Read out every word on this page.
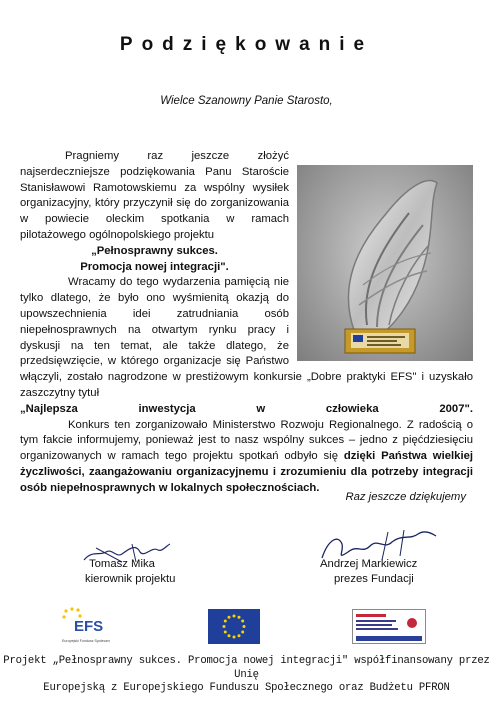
Podziękowanie
Wielce Szanowny Panie Starosto,

Pragniemy raz jeszcze złożyć najserdeczniejsze podziękowania Panu Staroście Stanisławowi Ramotowskiemu za wspólny wysiłek organizacyjny, który przyczynił się do zorganizowania w powiecie oleckim spotkania w ramach pilotażowego ogólnopolskiego projektu

„Pełnosprawny sukces.

Promocja nowej integracji".

Wracamy do tego wydarzenia pamięcią nie tylko dlatego, że było ono wyśmienitą okazją do upowszechnienia idei zatrudniania osób niepełnosprawnych na otwartym rynku pracy i dyskusji na ten temat, ale także dlatego, że przedsięwzięcie, w którego organizacje się Państwo włączyli, zostało nagrodzone w prestiżowym konkursie „Dobre praktyki EFS" i uzyskało zaszczytny tytuł

„Najlepsza inwestycja w człowieka 2007".

Konkurs ten zorganizowało Ministerstwo Rozwoju Regionalnego. Z radością o tym fakcie informujemy, ponieważ jest to nasz wspólny sukces – jedno z pięćdziesięciu organizowanych w ramach tego projektu spotkań odbyło się dzięki Państwa wielkiej życzliwości, zaangażowaniu organizacyjnemu i zrozumieniu dla potrzeby integracji osób niepełnosprawnych w lokalnych społecznościach.

Raz jeszcze dziękujemy
Tomasz Mika
kierownik projektu
Andrzej Markiewicz
prezes Fundacji
EFS
Europejski Fundusz Społeczny
Projekt „Pełnosprawny sukces. Promocja nowej integracji" współfinansowany przez Unię
Europejską z Europejskiego Funduszu Społecznego oraz Budżetu PFRON
